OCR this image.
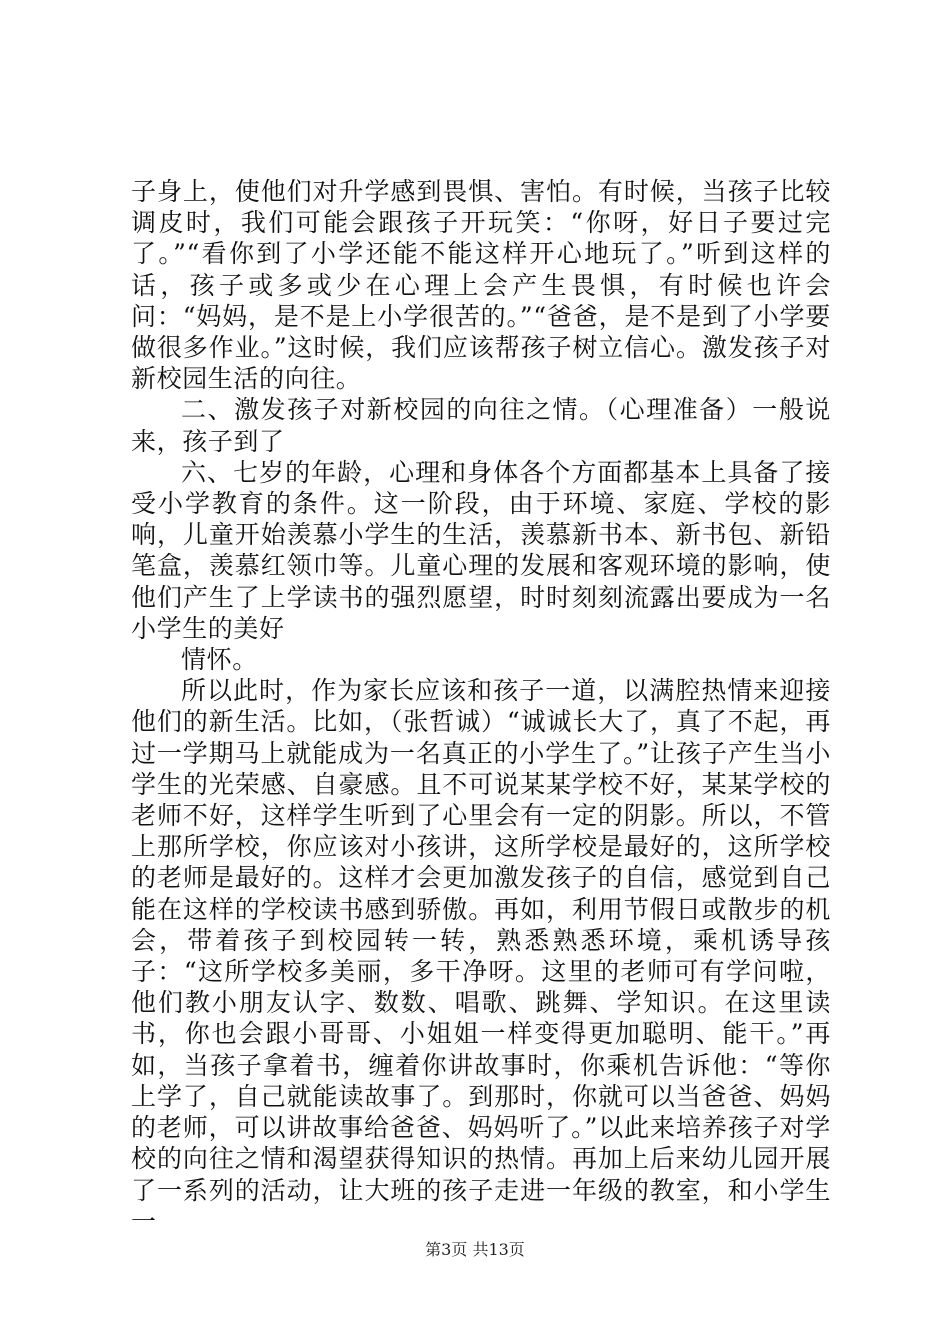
子身上，使他们对升学感到畏惧、害怕。有时候，当孩子比较调皮时，我们可能会跟孩子开玩笑：“你呀，好日子要过完了。”“看你到了小学还能不能这样开心地玩了。”听到这样的话，孩子或多或少在心理上会产生畏惧，有时候也许会问：“妈妈，是不是上小学很苦的。”“爸爸，是不是到了小学要做很多作业。”这时候，我们应该帮孩子树立信心。激发孩子对新校园生活的向往。

二、激发孩子对新校园的向往之情。（心理准备）一般说来，孩子到了

六、七岁的年龄，心理和身体各个方面都基本上具备了接受小学教育的条件。这一阶段，由于环境、家庭、学校的影响，儿童开始羡慕小学生的生活，羡慕新书本、新书包、新铅笔盒，羡慕红领巾等。儿童心理的发展和客观环境的影响，使他们产生了上学读书的强烈愿望，时时刻刻流露出要成为一名小学生的美好

情怀。

所以此时，作为家长应该和孩子一道，以满腔热情来迎接他们的新生活。比如，（张哲诚）“诚诚长大了，真了不起，再过一学期马上就能成为一名真正的小学生了。”让孩子产生当小学生的光荣感、自豪感。且不可说某某学校不好，某某学校的老师不好，这样学生听到了心里会有一定的阴影。所以，不管上那所学校，你应该对小孩讲，这所学校是最好的，这所学校的老师是最好的。这样才会更加激发孩子的自信，感觉到自己能在这样的学校读书感到骄傲。再如，利用节假日或散步的机会，带着孩子到校园转一转，熟悉熟悉环境，乘机诱导孩子：“这所学校多美丽，多干净呀。这里的老师可有学问啦，他们教小朋友认字、数数、唱歌、跳舞、学知识。在这里读书，你也会跟小哥哥、小姐姐一样变得更加聪明、能干。”再如，当孩子拿着书，缠着你讲故事时，你乘机告诉他：“等你上学了，自己就能读故事了。到那时，你就可以当爸爸、妈妈的老师，可以讲故事给爸爸、妈妈听了。”以此来培养孩子对学校的向往之情和渴望获得知识的热情。再加上后来幼儿园开展了一系列的活动，让大班的孩子走进一年级的教室，和小学生一

第3页 共13页
